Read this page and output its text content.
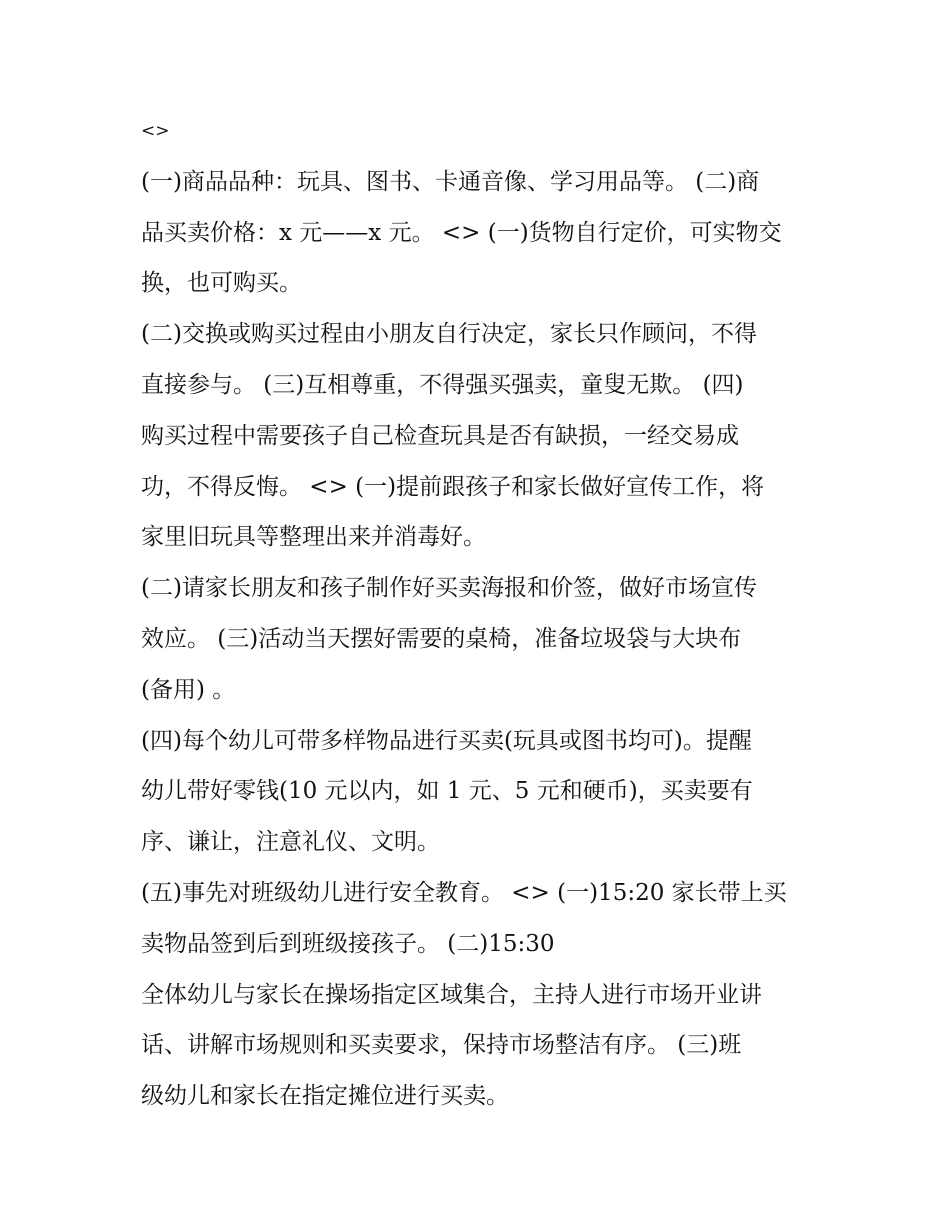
<>
(一)商品品种：玩具、图书、卡通音像、学习用品等。 (二)商
品买卖价格：x 元——x 元。 <> (一)货物自行定价，可实物交
换，也可购买。
(二)交换或购买过程由小朋友自行决定，家长只作顾问，不得
直接参与。 (三)互相尊重，不得强买强卖，童叟无欺。 (四)
购买过程中需要孩子自己检查玩具是否有缺损，一经交易成
功，不得反悔。 <> (一)提前跟孩子和家长做好宣传工作，将
家里旧玩具等整理出来并消毒好。
(二)请家长朋友和孩子制作好买卖海报和价签，做好市场宣传
效应。 (三)活动当天摆好需要的桌椅，准备垃圾袋与大块布
(备用) 。
(四)每个幼儿可带多样物品进行买卖(玩具或图书均可)。提醒
幼儿带好零钱(10 元以内，如 1 元、5 元和硬币)，买卖要有
序、谦让，注意礼仪、文明。
(五)事先对班级幼儿进行安全教育。 <> (一)15:20 家长带上买
卖物品签到后到班级接孩子。 (二)15:30
全体幼儿与家长在操场指定区域集合，主持人进行市场开业讲
话、讲解市场规则和买卖要求，保持市场整洁有序。 (三)班
级幼儿和家长在指定摊位进行买卖。
